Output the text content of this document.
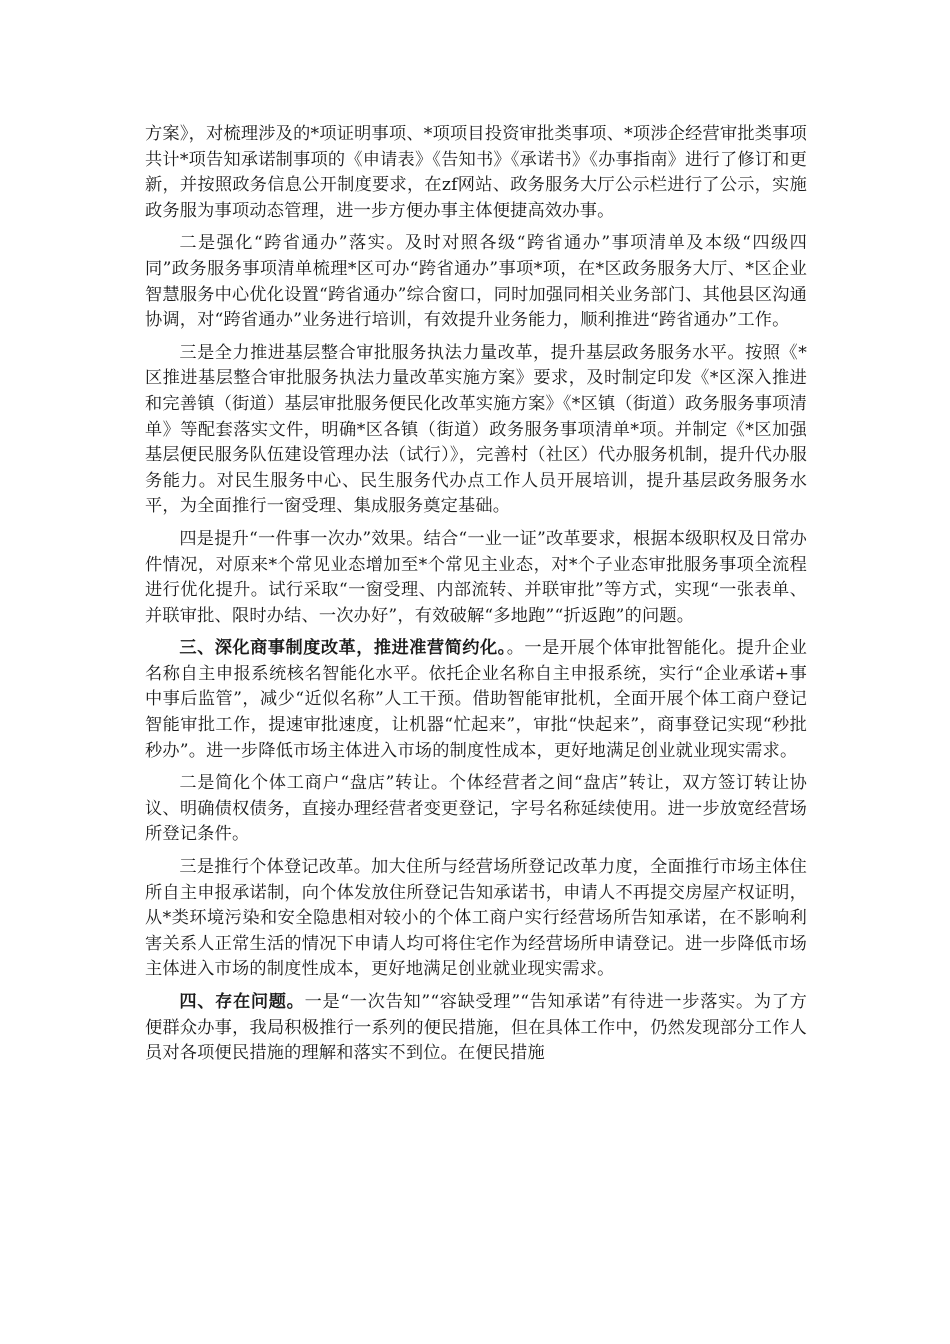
方案》，对梳理涉及的*项证明事项、*项项目投资审批类事项、*项涉企经营审批类事项共计*项告知承诺制事项的《申请表》《告知书》《承诺书》《办事指南》进行了修订和更新，并按照政务信息公开制度要求，在zf网站、政务服务大厅公示栏进行了公示，实施政务服为事项动态管理，进一步方便办事主体便捷高效办事。

二是强化“跨省通办”落实。及时对照各级“跨省通办”事项清单及本级“四级四同”政务服务事项清单梳理*区可办“跨省通办”事项*项，在*区政务服务大厅、*区企业智慧服务中心优化设置“跨省通办”综合窗口，同时加强同相关业务部门、其他县区沟通协调，对“跨省通办”业务进行培训，有效提升业务能力，顺利推进“跨省通办”工作。

三是全力推进基层整合审批服务执法力量改革，提升基层政务服务水平。按照《*区推进基层整合审批服务执法力量改革实施方案》要求，及时制定印发《*区深入推进和完善镇（街道）基层审批服务便民化改革实施方案》《*区镇（街道）政务服务事项清单》等配套落实文件，明确*区各镇（街道）政务服务事项清单*项。并制定《*区加强基层便民服务队伍建设管理办法（试行）》，完善村（社区）代办服务机制，提升代办服务能力。对民生服务中心、民生服务代办点工作人员开展培训，提升基层政务服务水平，为全面推行一窗受理、集成服务奠定基础。

四是提升“一件事一次办”效果。结合“一业一证”改革要求，根据本级职权及日常办件情况，对原来*个常见业态增加至*个常见主业态，对*个子业态审批服务事项全流程进行优化提升。试行采取“一窗受理、内部流转、并联审批”等方式，实现“一张表单、并联审批、限时办结、一次办好”，有效破解“多地跑”“折返跑”的问题。

三、深化商事制度改革，推进准营简约化。。一是开展个体审批智能化。提升企业名称自主申报系统核名智能化水平。依托企业名称自主申报系统，实行“企业承诺+事中事后监管”，减少“近似名称”人工干预。借助智能审批机，全面开展个体工商户登记智能审批工作，提速审批速度，让机器“忙起来”，审批“快起来”，商事登记实现“秒批秒办”。进一步降低市场主体进入市场的制度性成本，更好地满足创业就业现实需求。

二是简化个体工商户“盘店”转让。个体经营者之间“盘店”转让，双方签订转让协议、明确债权债务，直接办理经营者变更登记，字号名称延续使用。进一步放宽经营场所登记条件。

三是推行个体登记改革。加大住所与经营场所登记改革力度，全面推行市场主体住所自主申报承诺制，向个体发放住所登记告知承诺书，申请人不再提交房屋产权证明，从*类环境污染和安全隐患相对较小的个体工商户实行经营场所告知承诺，在不影响利害关系人正常生活的情况下申请人均可将住宅作为经营场所申请登记。进一步降低市场主体进入市场的制度性成本，更好地满足创业就业现实需求。

四、存在问题。一是“一次告知”“容缺受理”“告知承诺”有待进一步落实。为了方便群众办事，我局积极推行一系列的便民措施，但在具体工作中，仍然发现部分工作人员对各项便民措施的理解和落实不到位。在便民措施
